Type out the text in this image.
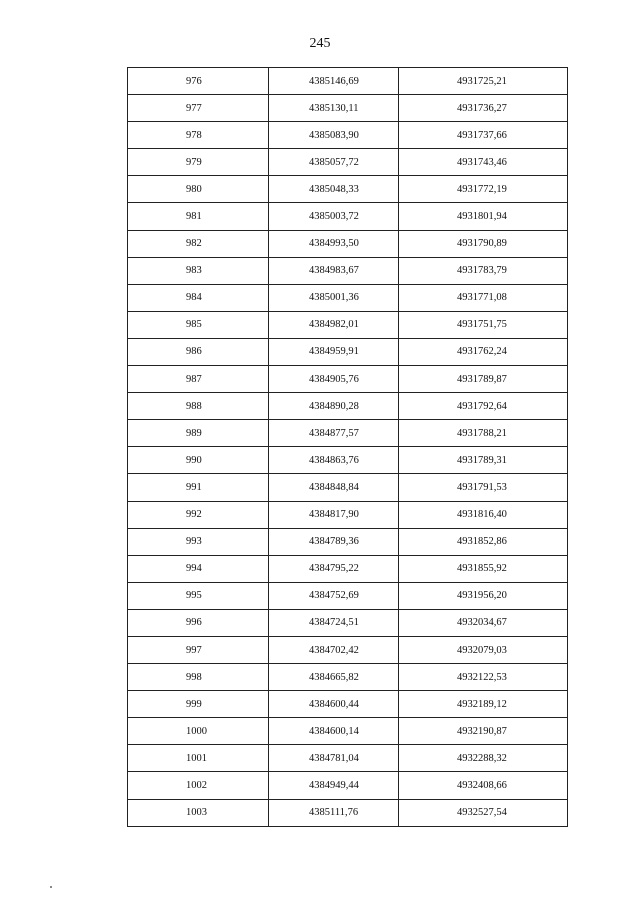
245
976	4385146,69	4931725,21
977	4385130,11	4931736,27
978	4385083,90	4931737,66
979	4385057,72	4931743,46
980	4385048,33	4931772,19
981	4385003,72	4931801,94
982	4384993,50	4931790,89
983	4384983,67	4931783,79
984	4385001,36	4931771,08
985	4384982,01	4931751,75
986	4384959,91	4931762,24
987	4384905,76	4931789,87
988	4384890,28	4931792,64
989	4384877,57	4931788,21
990	4384863,76	4931789,31
991	4384848,84	4931791,53
992	4384817,90	4931816,40
993	4384789,36	4931852,86
994	4384795,22	4931855,92
995	4384752,69	4931956,20
996	4384724,51	4932034,67
997	4384702,42	4932079,03
998	4384665,82	4932122,53
999	4384600,44	4932189,12
1000	4384600,14	4932190,87
1001	4384781,04	4932288,32
1002	4384949,44	4932408,66
1003	4385111,76	4932527,54
